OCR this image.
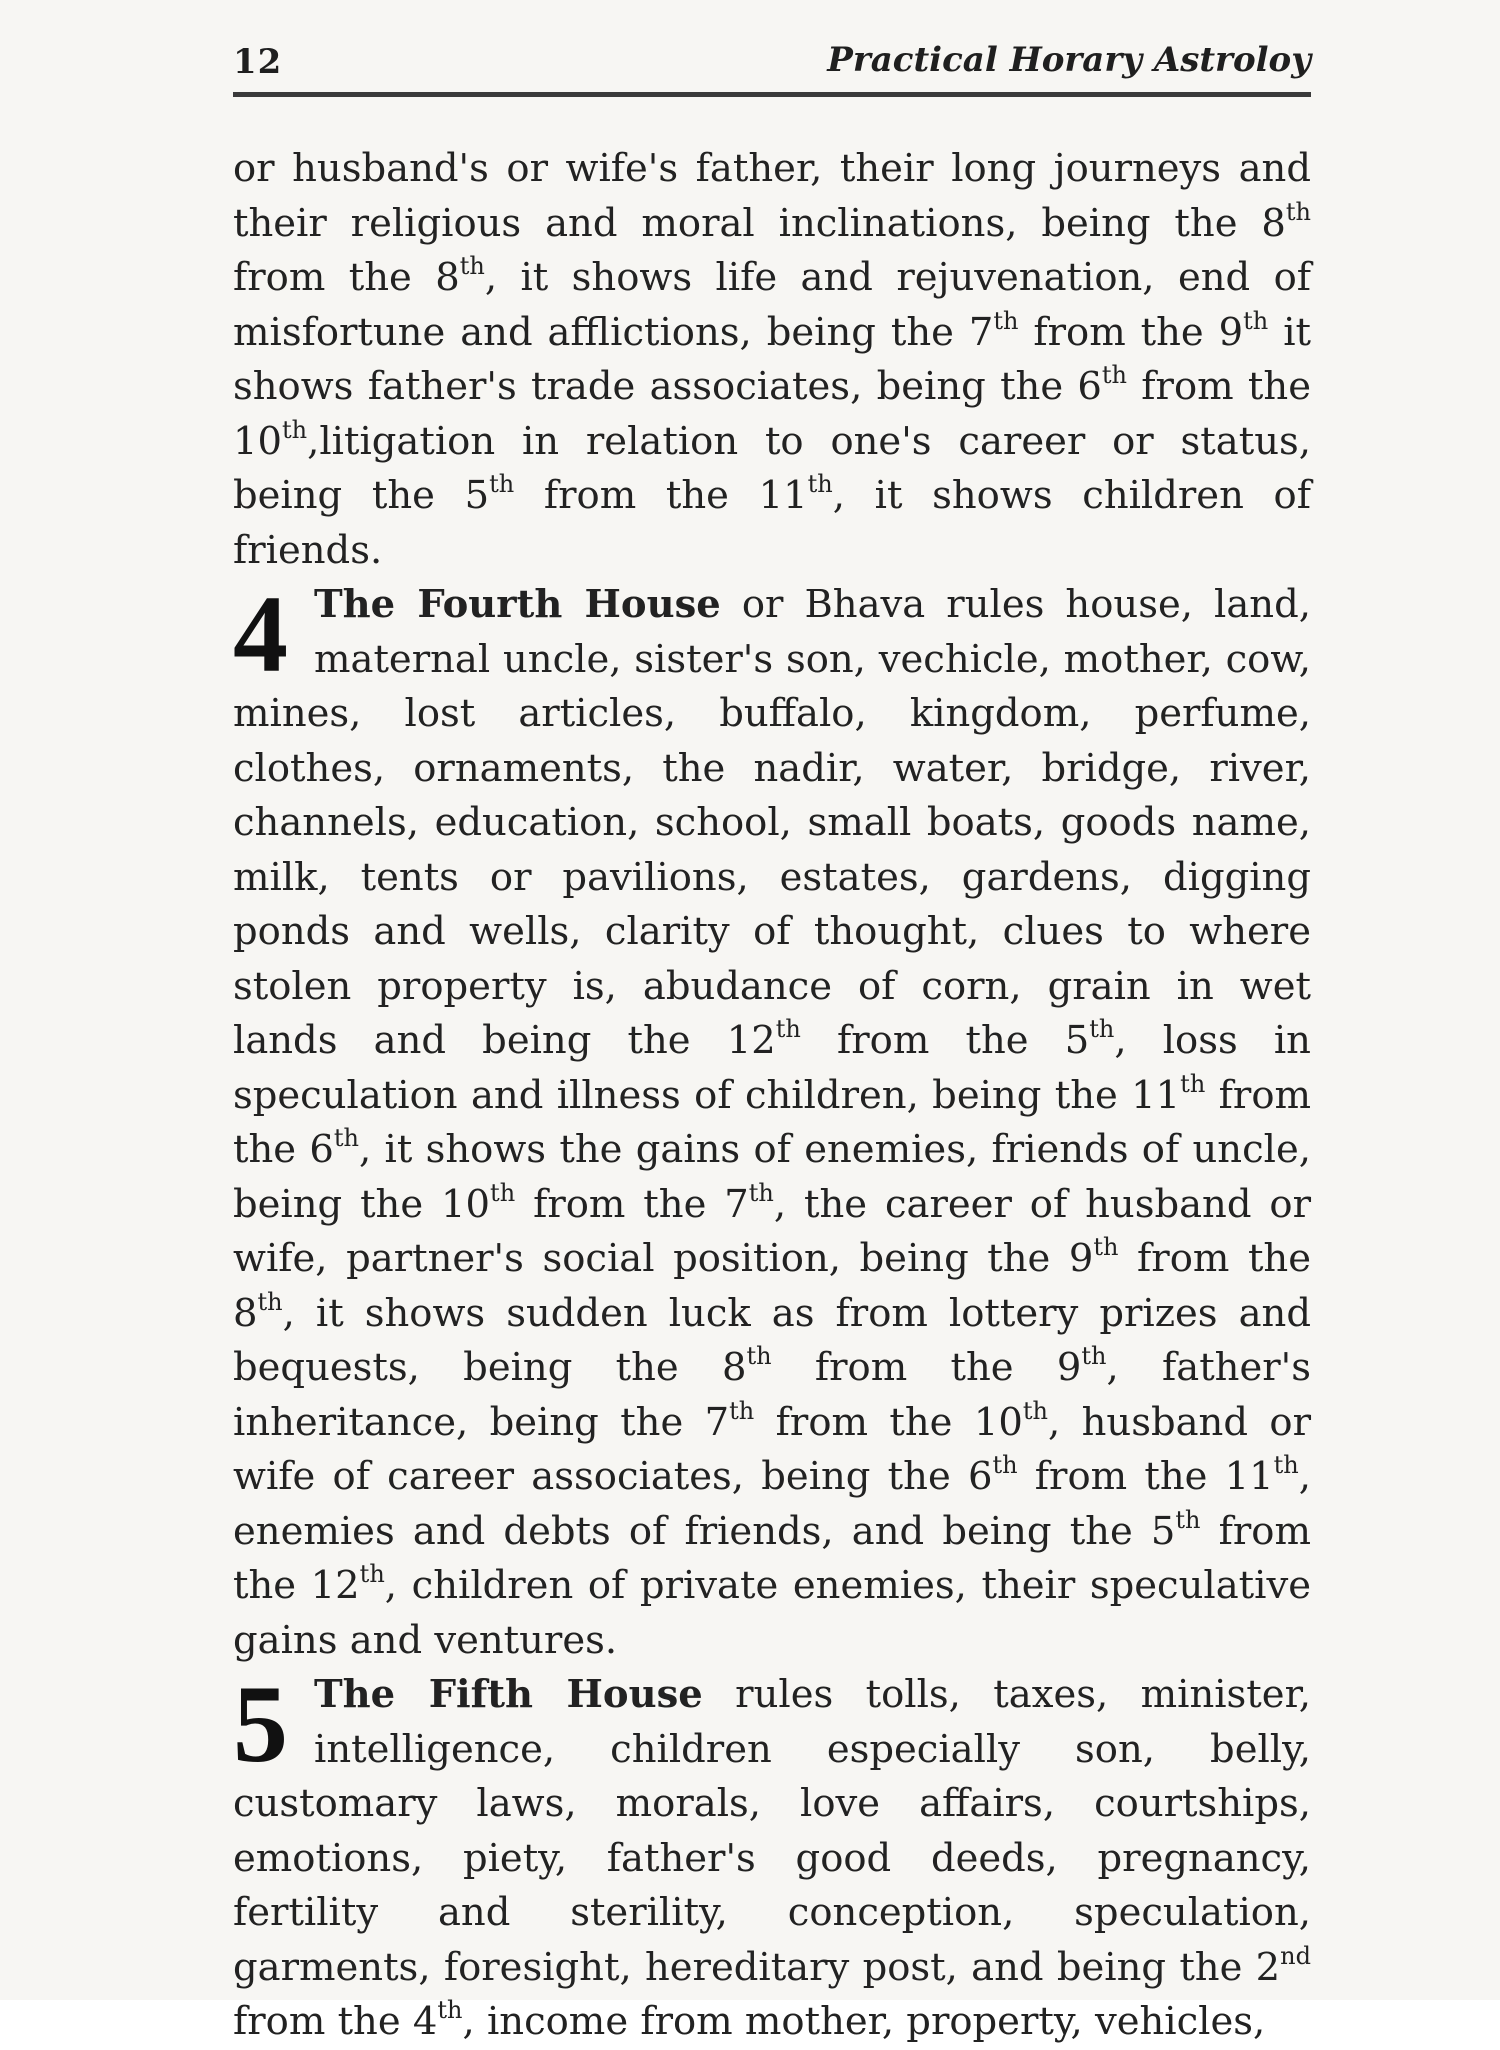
12	Practical Horary Astroloy

or husband's or wife's father, their long journeys and their religious and moral inclinations, being the 8th from the 8th, it shows life and rejuvenation, end of misfortune and afflictions, being the 7th from the 9th it shows father's trade associates, being the 6th from the 10th,litigation in relation to one's career or status, being the 5th from the 11th, it shows children of friends.

4 The Fourth House or Bhava rules house, land, maternal uncle, sister's son, vechicle, mother, cow, mines, lost articles, buffalo, kingdom, perfume, clothes, ornaments, the nadir, water, bridge, river, channels, education, school, small boats, goods name, milk, tents or pavilions, estates, gardens, digging ponds and wells, clarity of thought, clues to where stolen property is, abudance of corn, grain in wet lands and being the 12th from the 5th, loss in speculation and illness of children, being the 11th from the 6th, it shows the gains of enemies, friends of uncle, being the 10th from the 7th, the career of husband or wife, partner's social position, being the 9th from the 8th, it shows sudden luck as from lottery prizes and bequests, being the 8th from the 9th, father's inheritance, being the 7th from the 10th, husband or wife of career associates, being the 6th from the 11th, enemies and debts of friends, and being the 5th from the 12th, children of private enemies, their speculative gains and ventures.

5 The Fifth House rules tolls, taxes, minister, intelligence, children especially son, belly, customary laws, morals, love affairs, courtships, emotions, piety, father's good deeds, pregnancy, fertility and sterility, conception, speculation, garments, foresight, hereditary post, and being the 2nd from the 4th, income from mother, property, vehicles,
